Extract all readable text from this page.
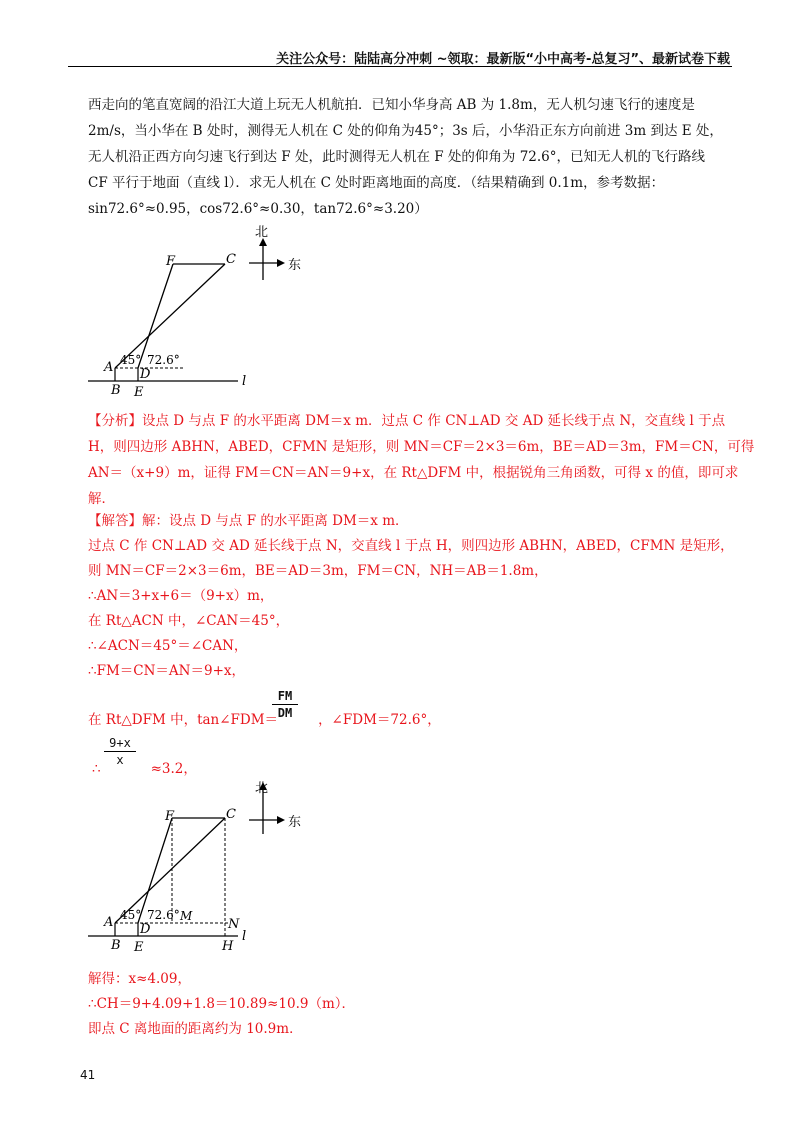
关注公众号：陆陆高分冲刺 ~领取：最新版“小中高考-总复习”、最新试卷下载
西走向的笔直宽阔的沿江大道上玩无人机航拍．已知小华身高 AB 为 1.8m，无人机匀速飞行的速度是
2m/s，当小华在 B 处时，测得无人机在 C 处的仰角为45°；3s 后，小华沿正东方向前进 3m 到达 E 处，
无人机沿正西方向匀速飞行到达 F 处，此时测得无人机在 F 处的仰角为 72.6°，已知无人机的飞行路线
CF 平行于地面（直线 l）．求无人机在 C 处时距离地面的高度．（结果精确到 0.1m，参考数据：
sin72.6°≈0.95，cos72.6°≈0.30，tan72.6°≈3.20）
北
东
F	C
A
B
D
E
l
45° 72.6°
【分析】设点 D 与点 F 的水平距离 DM＝x m．过点 C 作 CN⊥AD 交 AD 延长线于点 N，交直线 l 于点
H，则四边形 ABHN，ABED，CFMN 是矩形，则 MN＝CF＝2×3＝6m，BE＝AD＝3m，FM＝CN，可得
AN＝（x+9）m，证得 FM＝CN＝AN＝9+x，在 Rt△DFM 中，根据锐角三角函数，可得 x 的值，即可求
解．
【解答】解：设点 D 与点 F 的水平距离 DM＝x m．
过点 C 作 CN⊥AD 交 AD 延长线于点 N，交直线 l 于点 H，则四边形 ABHN，ABED，CFMN 是矩形，
则 MN＝CF＝2×3＝6m，BE＝AD＝3m，FM＝CN，NH＝AB＝1.8m，
∴AN＝3+x+6＝（9+x）m，
在 Rt△ACN 中，∠CAN＝45°，
∴∠ACN＝45°＝∠CAN，
∴FM＝CN＝AN＝9+x，
在 Rt△DFM 中，tan∠FDM＝	，∠FDM＝72.6°，
$\frac{FM}{DM}$
$\frac{9+x}{x}$
∴	≈3.2，
北
东
F	C
A
B
D
E
M
N
H
l
45° 72.6°
解得：x≈4.09，
∴CH＝9+4.09+1.8＝10.89≈10.9（m）．
即点 C 离地面的距离约为 10.9m．
41
